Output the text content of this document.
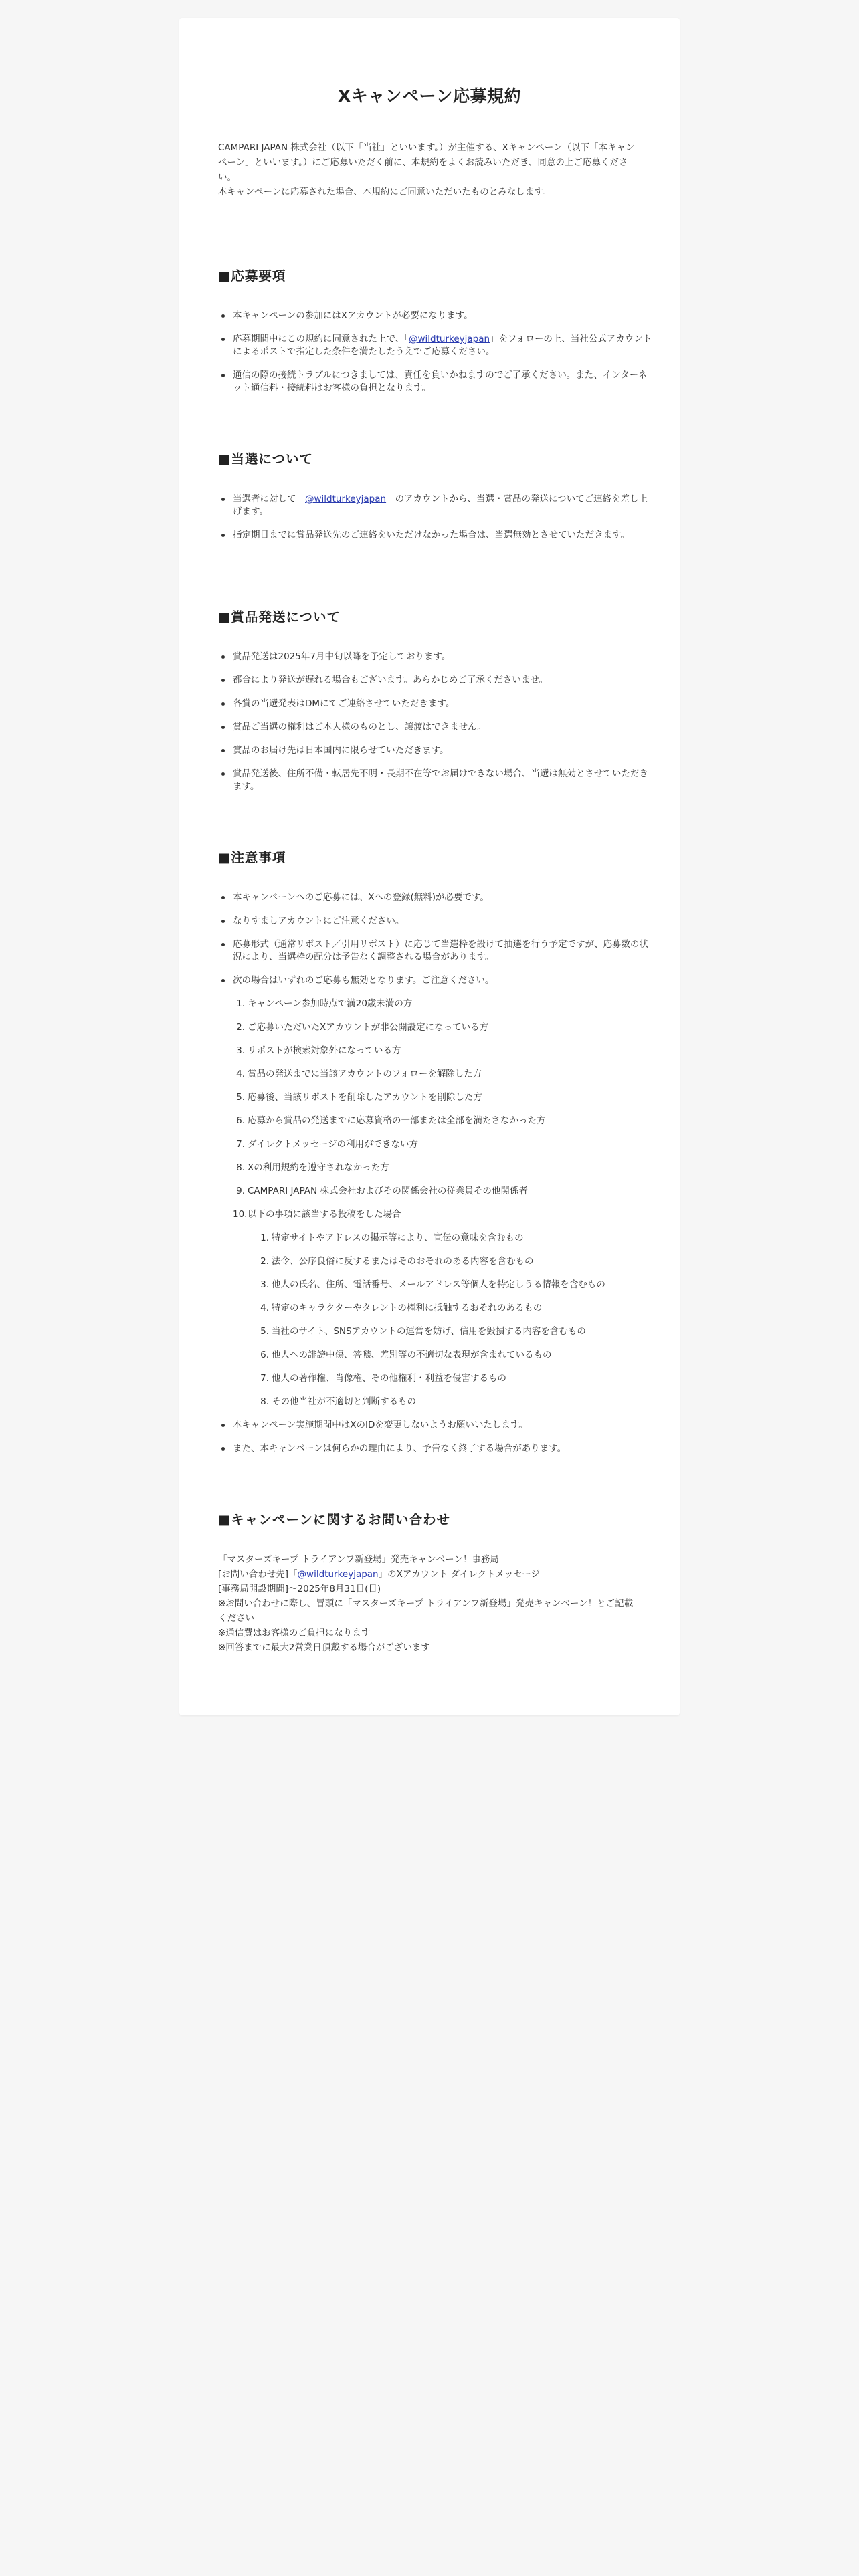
Xキャンペーン応募規約

CAMPARI JAPAN 株式会社（以下「当社」といいます。）が主催する、Xキャンペーン（以下「本キャンペーン」といいます。）にご応募いただく前に、本規約をよくお読みいただき、同意の上ご応募ください。

本キャンペーンに応募された場合、本規約にご同意いただいたものとみなします。

■応募要項
本キャンペーンの参加にはXアカウントが必要になります。
応募期間中にこの規約に同意された上で、「@wildturkeyjapan」をフォローの上、当社公式アカウントによるポストで指定した条件を満たしたうえでご応募ください。
通信の際の接続トラブルにつきましては、責任を負いかねますのでご了承ください。また、インターネット通信料・接続料はお客様の負担となります。
■当選について
当選者に対して「@wildturkeyjapan」のアカウントから、当選・賞品の発送についてご連絡を差し上げます。
指定期日までに賞品発送先のご連絡をいただけなかった場合は、当選無効とさせていただきます。
■賞品発送について
賞品発送は2025年7月中旬以降を予定しております。
都合により発送が遅れる場合もございます。あらかじめご了承くださいませ。
各賞の当選発表はDMにてご連絡させていただきます。
賞品ご当選の権利はご本人様のものとし、譲渡はできません。
賞品のお届け先は日本国内に限らせていただきます。
賞品発送後、住所不備・転居先不明・長期不在等でお届けできない場合、当選は無効とさせていただきます。
■注意事項
本キャンペーンへのご応募には、Xへの登録(無料)が必要です。
なりすましアカウントにご注意ください。
応募形式（通常リポスト／引用リポスト）に応じて当選枠を設けて抽選を行う予定ですが、応募数の状況により、当選枠の配分は予告なく調整される場合があります。
次の場合はいずれのご応募も無効となります。ご注意ください。
1. キャンペーン参加時点で満20歳未満の方
2. ご応募いただいたXアカウントが非公開設定になっている方
3. リポストが検索対象外になっている方
4. 賞品の発送までに当該アカウントのフォローを解除した方
5. 応募後、当該リポストを削除したアカウントを削除した方
6. 応募から賞品の発送までに応募資格の一部または全部を満たさなかった方
7. ダイレクトメッセージの利用ができない方
8. Xの利用規約を遵守されなかった方
9. CAMPARI JAPAN 株式会社およびその関係会社の従業員その他関係者
10. 以下の事項に該当する投稿をした場合
1. 特定サイトやアドレスの掲示等により、宣伝の意味を含むもの
2. 法令、公序良俗に反するまたはそのおそれのある内容を含むもの
3. 他人の氏名、住所、電話番号、メールアドレス等個人を特定しうる情報を含むもの
4. 特定のキャラクターやタレントの権利に抵触するおそれのあるもの
5. 当社のサイト、SNSアカウントの運営を妨げ、信用を毀損する内容を含むもの
6. 他人への誹謗中傷、答嗾、差別等の不適切な表現が含まれているもの
7. 他人の著作権、肖像権、その他権利・利益を侵害するもの
8. その他当社が不適切と判断するもの
本キャンペーン実施期間中はXのIDを変更しないようお願いいたします。
また、本キャンペーンは何らかの理由により、予告なく終了する場合があります。
■キャンペーンに関するお問い合わせ

「マスターズキープ トライアンフ新登場」発売キャンペーン！事務局

[お問い合わせ先]「@wildturkeyjapan」のXアカウント ダイレクトメッセージ

[事務局開設期間]～2025年8月31日(日)

※お問い合わせに際し、冒頭に「マスターズキープ トライアンフ新登場」発売キャンペーン！とご記載ください

※通信費はお客様のご負担になります

※回答までに最大2営業日頂戴する場合がございます
